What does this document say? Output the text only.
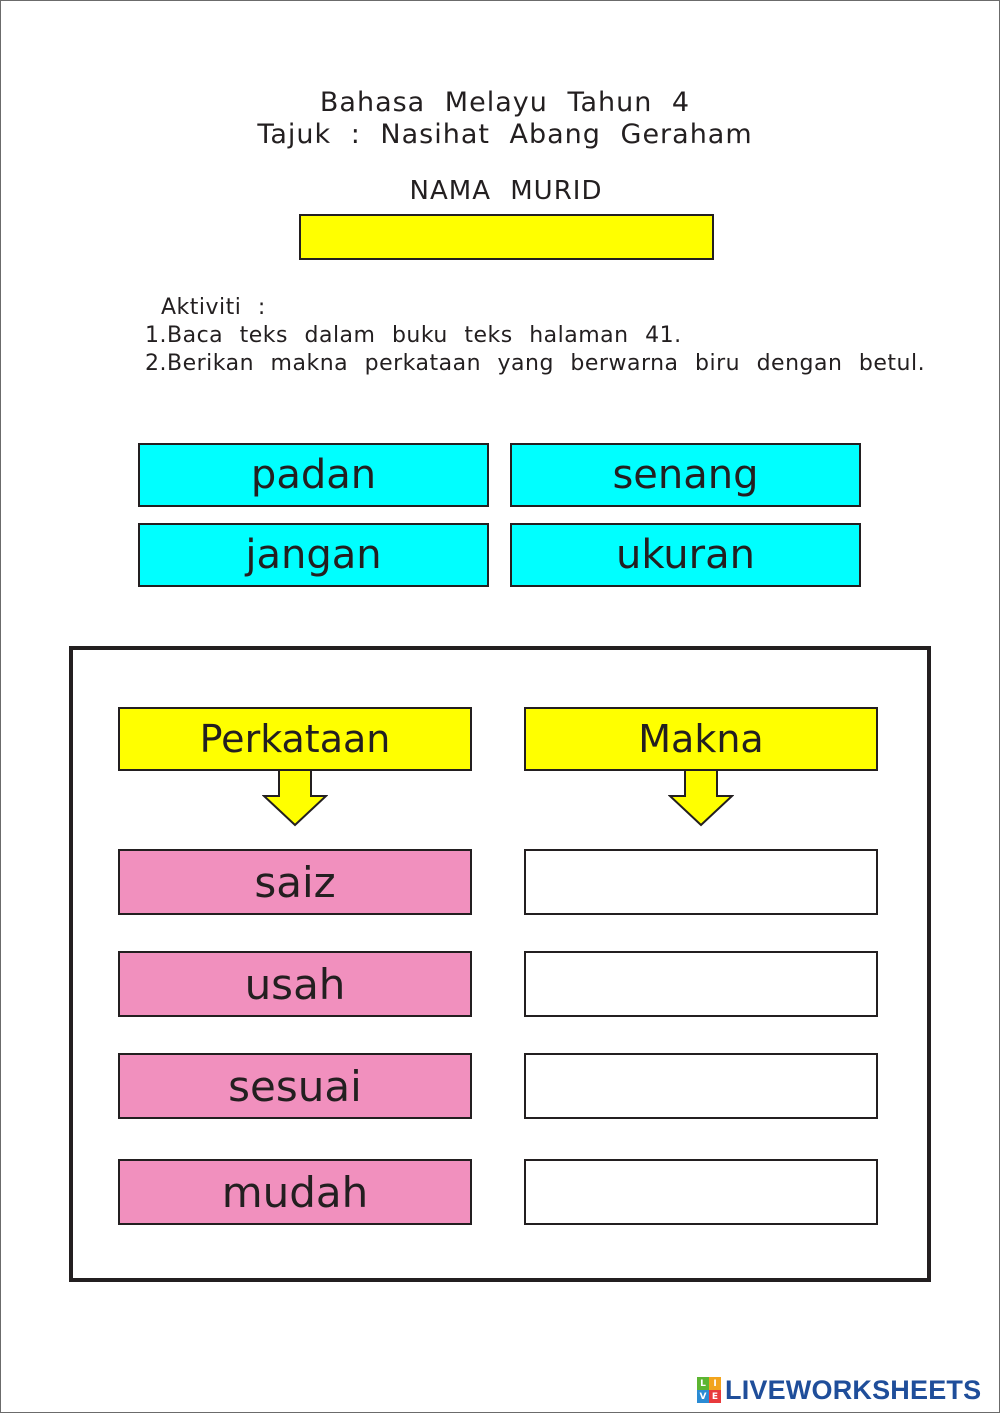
Bahasa Melayu Tahun 4
Tajuk : Nasihat Abang Geraham
NAMA MURID
Aktiviti :
1.Baca teks dalam buku teks halaman 41.
2.Berikan makna perkataan yang berwarna biru dengan betul.
padan	senang
jangan	ukuran
Perkataan	Makna
saiz
usah
sesuai
mudah
L I
V E LIVEWORKSHEETS
